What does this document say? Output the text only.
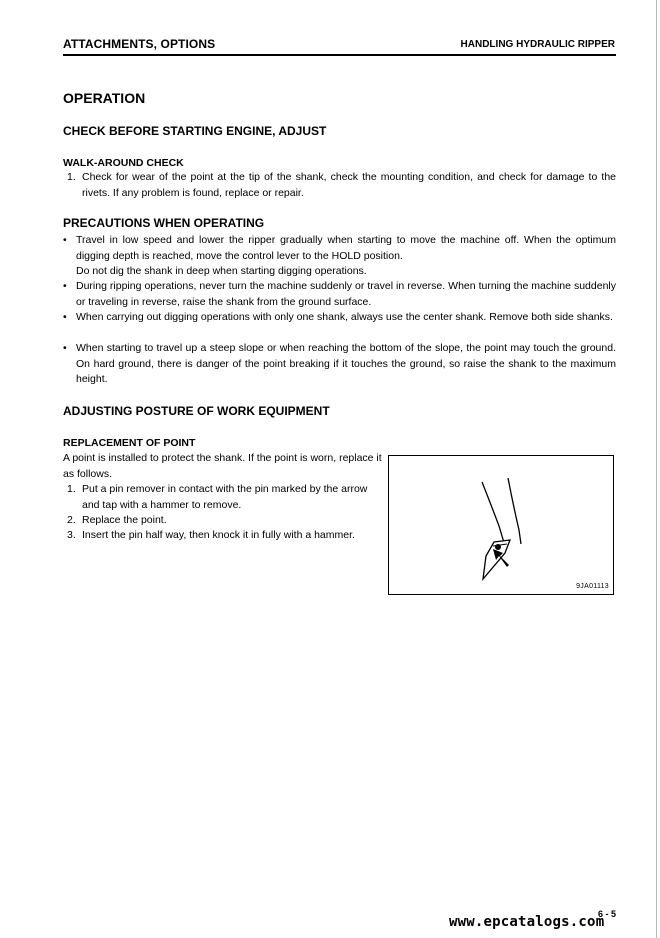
ATTACHMENTS, OPTIONS	HANDLING HYDRAULIC RIPPER
OPERATION
CHECK BEFORE STARTING ENGINE, ADJUST
WALK-AROUND CHECK
1. Check for wear of the point at the tip of the shank, check the mounting condition, and check for damage to the rivets. If any problem is found, replace or repair.
PRECAUTIONS WHEN OPERATING
• Travel in low speed and lower the ripper gradually when starting to move the machine off. When the optimum digging depth is reached, move the control lever to the HOLD position.
Do not dig the shank in deep when starting digging operations.
• During ripping operations, never turn the machine suddenly or travel in reverse. When turning the machine suddenly or traveling in reverse, raise the shank from the ground surface.
• When carrying out digging operations with only one shank, always use the center shank. Remove both side shanks.
• When starting to travel up a steep slope or when reaching the bottom of the slope, the point may touch the ground. On hard ground, there is danger of the point breaking if it touches the ground, so raise the shank to the maximum height.
ADJUSTING POSTURE OF WORK EQUIPMENT
REPLACEMENT OF POINT
A point is installed to protect the shank. If the point is worn, replace it as follows.
1. Put a pin remover in contact with the pin marked by the arrow and tap with a hammer to remove.
2. Replace the point.
3. Insert the pin half way, then knock it in fully with a hammer.
9JA01113
6 - 5
www.epcatalogs.com
